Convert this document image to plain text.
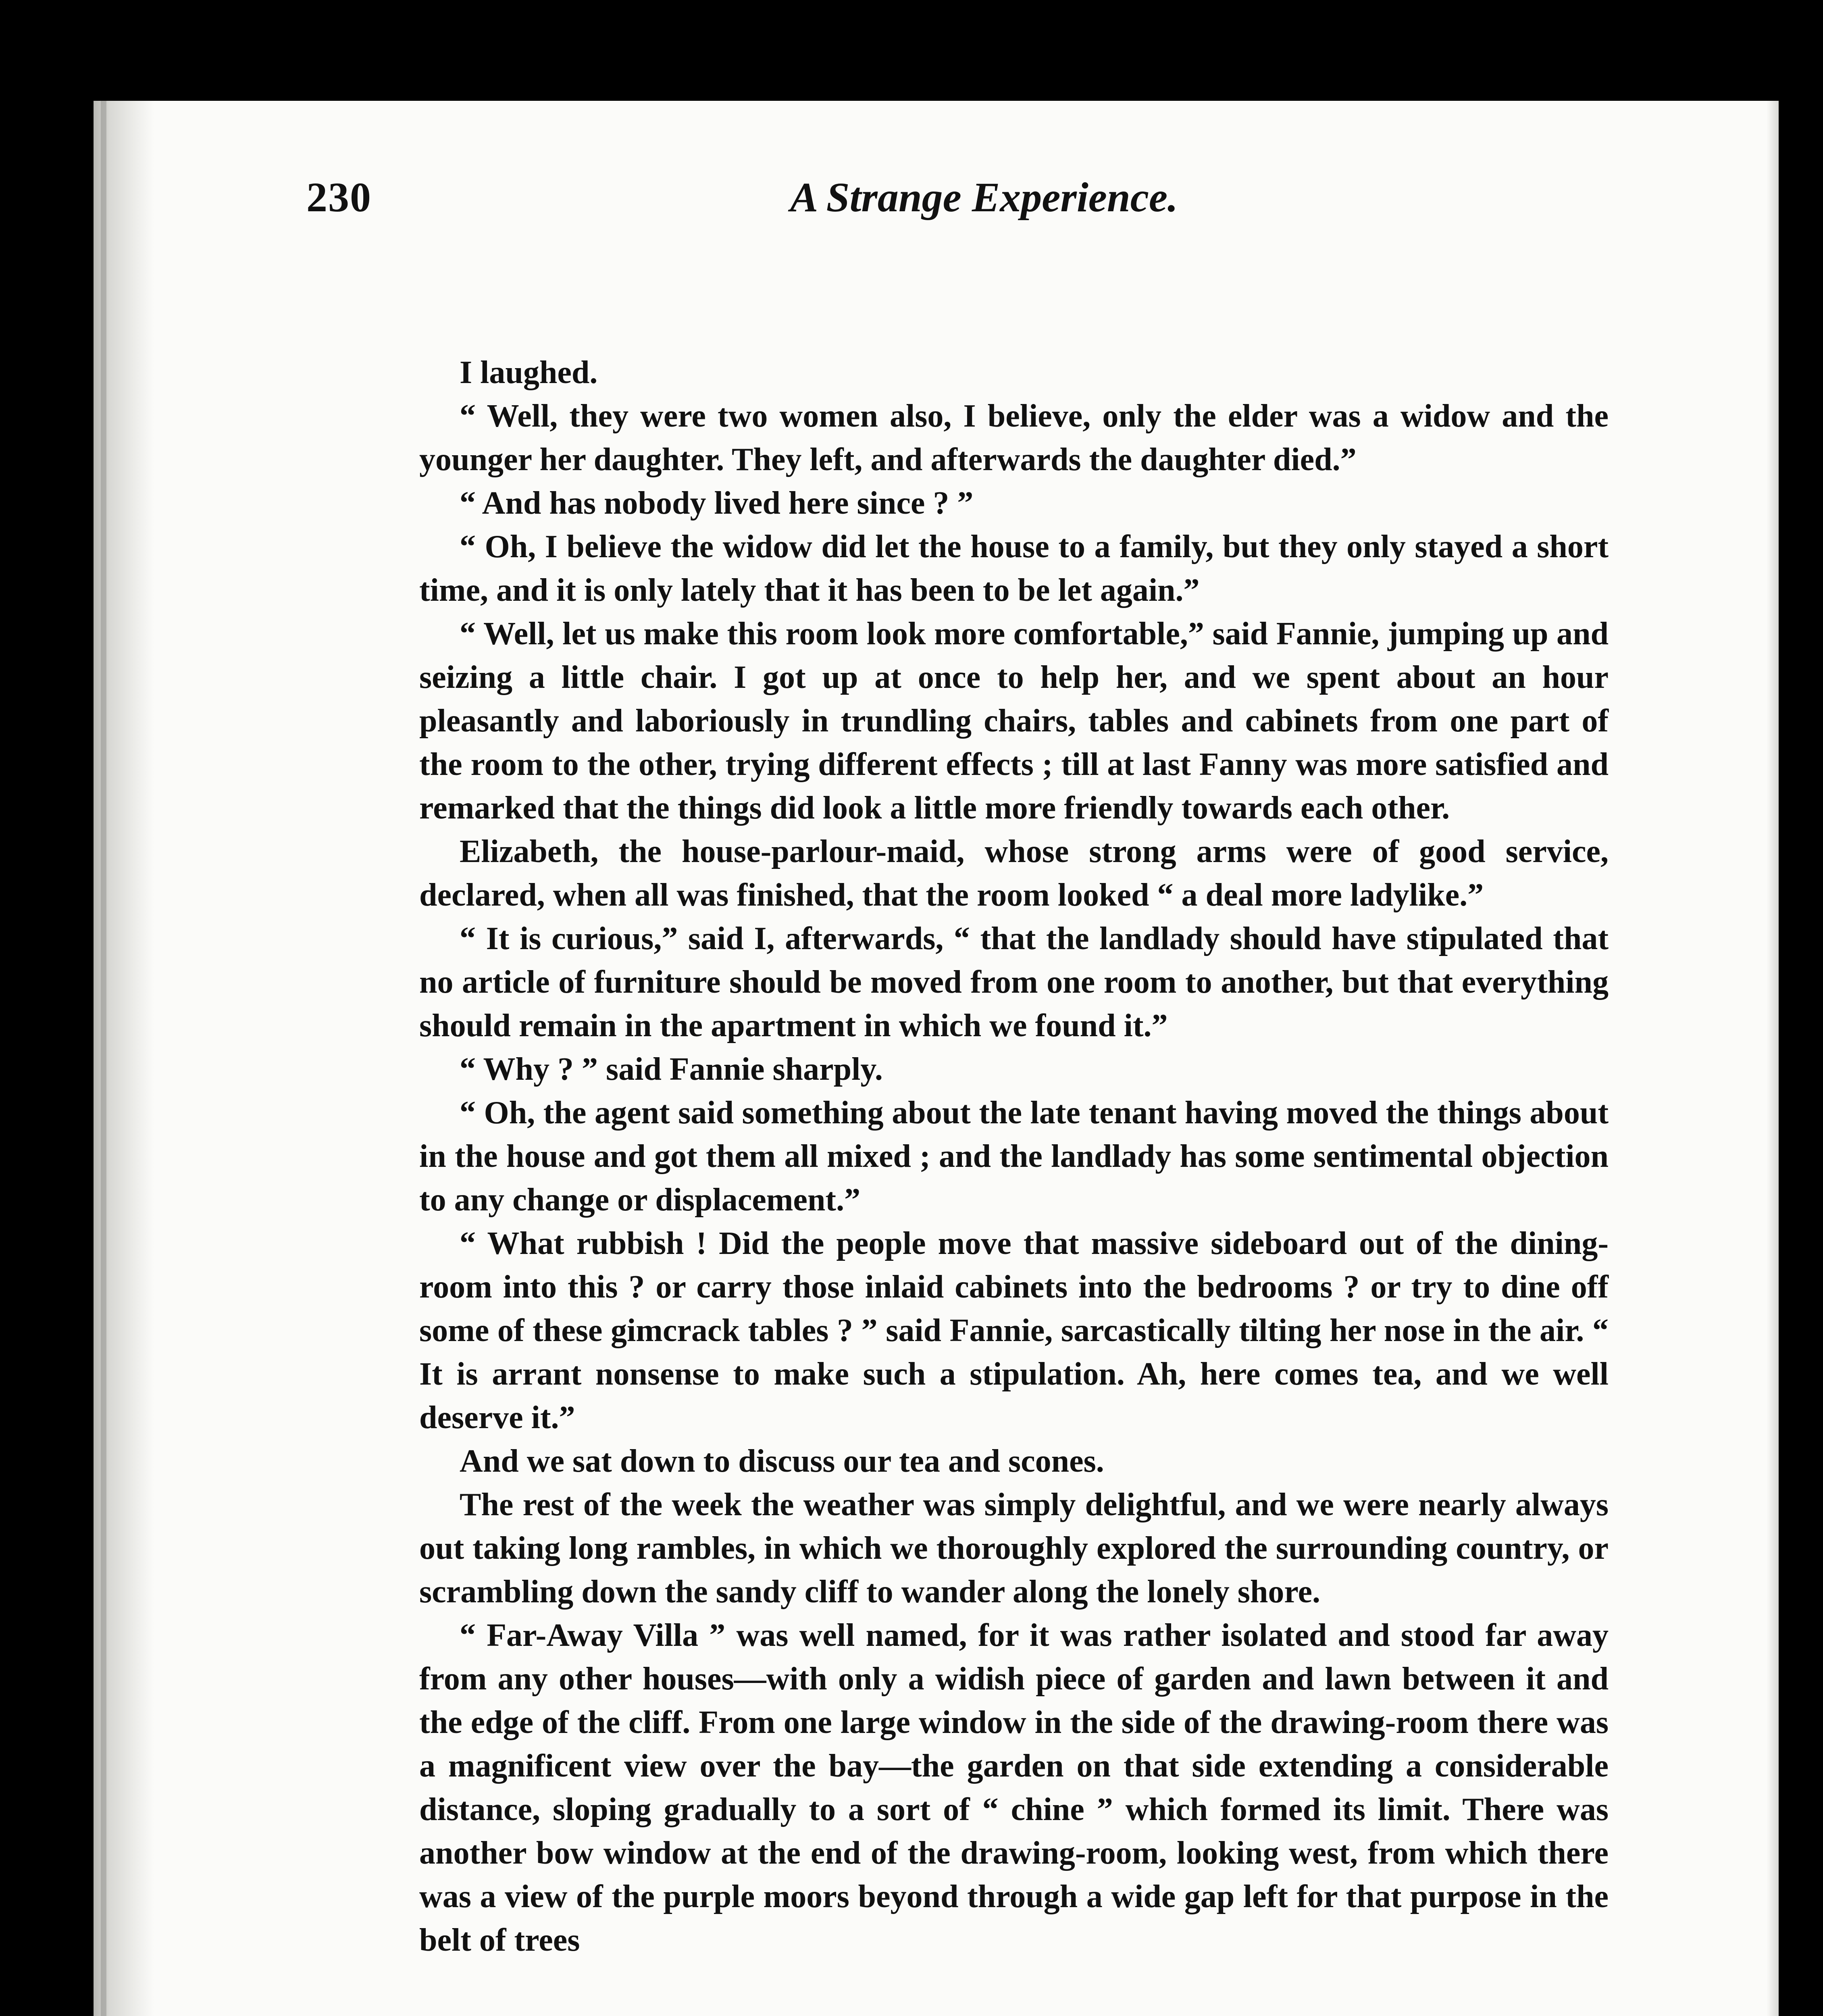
230	A Strange Experience.

I laughed.

“ Well, they were two women also, I believe, only the elder was a widow and the younger her daughter. They left, and afterwards the daughter died.”

“ And has nobody lived here since ? ”

“ Oh, I believe the widow did let the house to a family, but they only stayed a short time, and it is only lately that it has been to be let again.”

“ Well, let us make this room look more comfortable,” said Fannie, jumping up and seizing a little chair. I got up at once to help her, and we spent about an hour pleasantly and laboriously in trundling chairs, tables and cabinets from one part of the room to the other, trying different effects ; till at last Fanny was more satisfied and remarked that the things did look a little more friendly towards each other.

Elizabeth, the house-parlour-maid, whose strong arms were of good service, declared, when all was finished, that the room looked “ a deal more ladylike.”

“ It is curious,” said I, afterwards, “ that the landlady should have stipulated that no article of furniture should be moved from one room to another, but that everything should remain in the apartment in which we found it.”

“ Why ? ” said Fannie sharply.

“ Oh, the agent said something about the late tenant having moved the things about in the house and got them all mixed ; and the landlady has some sentimental objection to any change or displacement.”

“ What rubbish ! Did the people move that massive sideboard out of the dining-room into this ? or carry those inlaid cabinets into the bedrooms ? or try to dine off some of these gimcrack tables ? ” said Fannie, sarcastically tilting her nose in the air. “ It is arrant nonsense to make such a stipulation. Ah, here comes tea, and we well deserve it.”

And we sat down to discuss our tea and scones.

The rest of the week the weather was simply delightful, and we were nearly always out taking long rambles, in which we thoroughly explored the surrounding country, or scrambling down the sandy cliff to wander along the lonely shore.

“ Far-Away Villa ” was well named, for it was rather isolated and stood far away from any other houses—with only a widish piece of garden and lawn between it and the edge of the cliff. From one large window in the side of the drawing-room there was a magnificent view over the bay—the garden on that side extending a considerable distance, sloping gradually to a sort of “ chine ” which formed its limit. There was another bow window at the end of the drawing-room, looking west, from which there was a view of the purple moors beyond through a wide gap left for that purpose in the belt of trees
